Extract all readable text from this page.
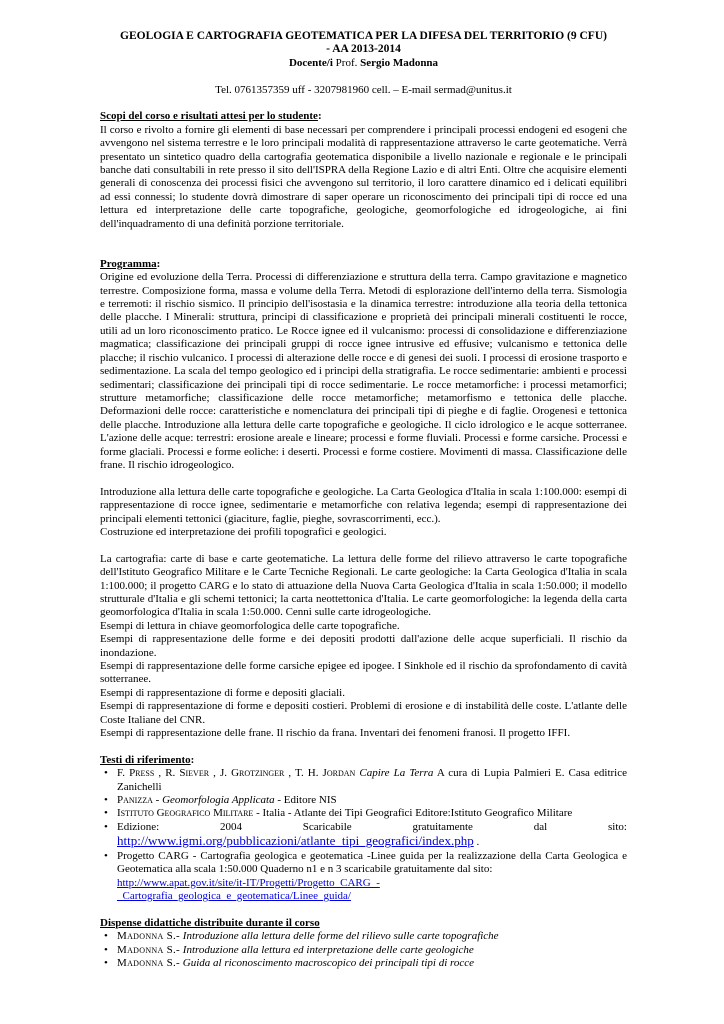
GEOLOGIA E CARTOGRAFIA GEOTEMATICA PER LA DIFESA DEL TERRITORIO (9 CFU)
- AA 2013-2014
Docente/i Prof. Sergio Madonna
Tel. 0761357359 uff - 3207981960 cell. – E-mail sermad@unitus.it
Scopi del corso e risultati attesi per lo studente:
Il corso e rivolto a fornire gli elementi di base necessari per comprendere i principali processi endogeni ed esogeni che avvengono nel sistema terrestre e le loro principali modalità di rappresentazione attraverso le carte geotematiche. Verrà presentato un sintetico quadro della cartografia geotematica disponibile a livello nazionale e regionale e le principali banche dati consultabili in rete presso il sito dell'ISPRA della Regione Lazio e di altri Enti. Oltre che acquisire elementi generali di conoscenza dei processi fisici che avvengono sul territorio, il loro carattere dinamico ed i delicati equilibri ad essi connessi; lo studente dovrà dimostrare di saper operare un riconoscimento dei principali tipi di rocce ed una lettura ed interpretazione delle carte topografiche, geologiche, geomorfologiche ed idrogeologiche, ai fini dell'inquadramento di una definità porzione territoriale.
Programma:
Origine ed evoluzione della Terra. Processi di differenziazione e struttura della terra. Campo gravitazione e magnetico terrestre. Composizione forma, massa e volume della Terra. Metodi di esplorazione dell'interno della terra. Sismologia e terremoti: il rischio sismico. Il principio dell'isostasia e la dinamica terrestre: introduzione alla teoria della tettonica delle placche. I Minerali: struttura, principi di classificazione e proprietà dei principali minerali costituenti le rocce, utili ad un loro riconoscimento pratico. Le Rocce ignee ed il vulcanismo: processi di consolidazione e differenziazione magmatica; classificazione dei principali gruppi di rocce ignee intrusive ed effusive; vulcanismo e tettonica delle placche; il rischio vulcanico. I processi di alterazione delle rocce e di genesi dei suoli. I processi di erosione trasporto e sedimentazione. La scala del tempo geologico ed i principi della stratigrafia. Le rocce sedimentarie: ambienti e processi sedimentari; classificazione dei principali tipi di rocce sedimentarie. Le rocce metamorfiche: i processi metamorfici; strutture metamorfiche; classificazione delle rocce metamorfiche; metamorfismo e tettonica delle placche. Deformazioni delle rocce: caratteristiche e nomenclatura dei principali tipi di pieghe e di faglie. Orogenesi e tettonica delle placche. Introduzione alla lettura delle carte topografiche e geologiche. Il ciclo idrologico e le acque sotterranee. L'azione delle acque: terrestri: erosione areale e lineare; processi e forme fluviali. Processi e forme carsiche. Processi e forme glaciali. Processi e forme eoliche: i deserti. Processi e forme costiere. Movimenti di massa. Classificazione delle frane. Il rischio idrogeologico.
Introduzione alla lettura delle carte topografiche e geologiche. La Carta Geologica d'Italia in scala 1:100.000: esempi di rappresentazione di rocce ignee, sedimentarie e metamorfiche con relativa legenda; esempi di rappresentazione dei principali elementi tettonici (giaciture, faglie, pieghe, sovrascorrimenti, ecc.).
Costruzione ed interpretazione dei profili topografici e geologici.
La cartografia: carte di base e carte geotematiche. La lettura delle forme del rilievo attraverso le carte topografiche dell'Istituto Geografico Militare e le Carte Tecniche Regionali. Le carte geologiche: la Carta Geologica d'Italia in scala 1:100.000; il progetto CARG e lo stato di attuazione della Nuova Carta Geologica d'Italia in scala 1:50.000; il modello strutturale d'Italia e gli schemi tettonici; la carta neottettonica d'Italia. Le carte geomorfologiche: la legenda della carta geomorfologica d'Italia in scala 1:50.000. Cenni sulle carte idrogeologiche.
Esempi di lettura in chiave geomorfologica delle carte topografiche.
Esempi di rappresentazione delle forme e dei depositi prodotti dall'azione delle acque superficiali. Il rischio da inondazione.
Esempi di rappresentazione delle forme carsiche epigee ed ipogee. I Sinkhole ed il rischio da sprofondamento di cavità sotterranee.
Esempi di rappresentazione di forme e depositi glaciali.
Esempi di rappresentazione di forme e depositi costieri. Problemi di erosione e di instabilità delle coste. L'atlante delle Coste Italiane del CNR.
Esempi di rappresentazione delle frane. Il rischio da frana. Inventari dei fenomeni franosi. Il progetto IFFI.
Testi di riferimento:
• F. Press , R. Siever , J. Grotzinger , T. H. Jordan Capire La Terra A cura di Lupia Palmieri E. Casa editrice Zanichelli
• Panizza - Geomorfologia Applicata - Editore NIS
• Istituto Geografico Militare - Italia - Atlante dei Tipi Geografici Editore:Istituto Geografico Militare
• Edizione:	2004	Scaricabile	gratuitamente	dal	sito:
http://www.igmi.org/pubblicazioni/atlante_tipi_geografici/index.php .
• Progetto CARG - Cartografia geologica e geotematica -Linee guida per la realizzazione della Carta Geologica e Geotematica alla scala 1:50.000 Quaderno n1 e n 3 scaricabile gratuitamente dal sito:
http://www.apat.gov.it/site/it-IT/Progetti/Progetto_CARG_-
_Cartografia_geologica_e_geotematica/Linee_guida/
Dispense didattiche distribuite durante il corso
• Madonna S.- Introduzione alla lettura delle forme del rilievo sulle carte topografiche
• Madonna S.- Introduzione alla lettura ed interpretazione delle carte geologiche
• Madonna S.- Guida al riconoscimento macroscopico dei principali tipi di rocce
